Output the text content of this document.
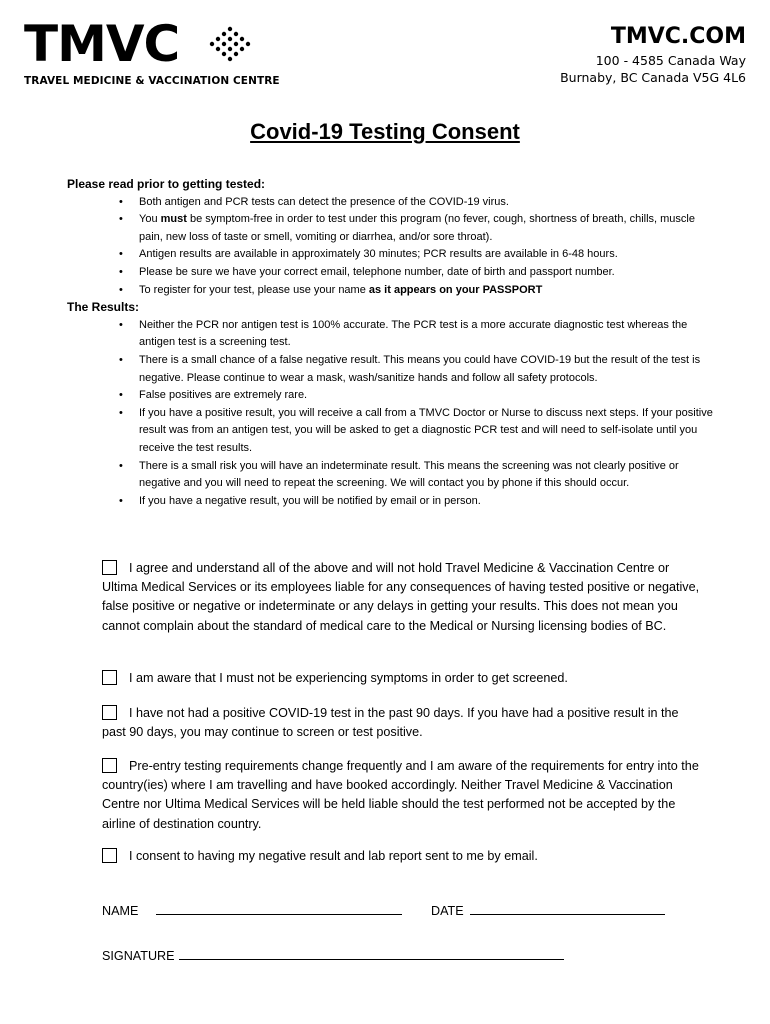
TMVC
TRAVEL MEDICINE & VACCINATION CENTRE
TMVC.COM
100 - 4585 Canada Way
Burnaby, BC Canada V5G 4L6
Covid-19 Testing Consent
Please read prior to getting tested:
• Both antigen and PCR tests can detect the presence of the COVID-19 virus.
• You must be symptom-free in order to test under this program (no fever, cough, shortness of breath, chills, muscle pain, new loss of taste or smell, vomiting or diarrhea, and/or sore throat).
• Antigen results are available in approximately 30 minutes; PCR results are available in 6-48 hours.
• Please be sure we have your correct email, telephone number, date of birth and passport number.
• To register for your test, please use your name as it appears on your PASSPORT
The Results:
• Neither the PCR nor antigen test is 100% accurate. The PCR test is a more accurate diagnostic test whereas the antigen test is a screening test.
• There is a small chance of a false negative result. This means you could have COVID-19 but the result of the test is negative. Please continue to wear a mask, wash/sanitize hands and follow all safety protocols.
• False positives are extremely rare.
• If you have a positive result, you will receive a call from a TMVC Doctor or Nurse to discuss next steps. If your positive result was from an antigen test, you will be asked to get a diagnostic PCR test and will need to self-isolate until you receive the test results.
• There is a small risk you will have an indeterminate result. This means the screening was not clearly positive or negative and you will need to repeat the screening. We will contact you by phone if this should occur.
• If you have a negative result, you will be notified by email or in person.
I agree and understand all of the above and will not hold Travel Medicine & Vaccination Centre or Ultima Medical Services or its employees liable for any consequences of having tested positive or negative, false positive or negative or indeterminate or any delays in getting your results. This does not mean you cannot complain about the standard of medical care to the Medical or Nursing licensing bodies of BC.
I am aware that I must not be experiencing symptoms in order to get screened.
I have not had a positive COVID-19 test in the past 90 days. If you have had a positive result in the past 90 days, you may continue to screen or test positive.
Pre-entry testing requirements change frequently and I am aware of the requirements for entry into the country(ies) where I am travelling and have booked accordingly. Neither Travel Medicine & Vaccination Centre nor Ultima Medical Services will be held liable should the test performed not be accepted by the airline of destination country.
I consent to having my negative result and lab report sent to me by email.
NAME	DATE
SIGNATURE
